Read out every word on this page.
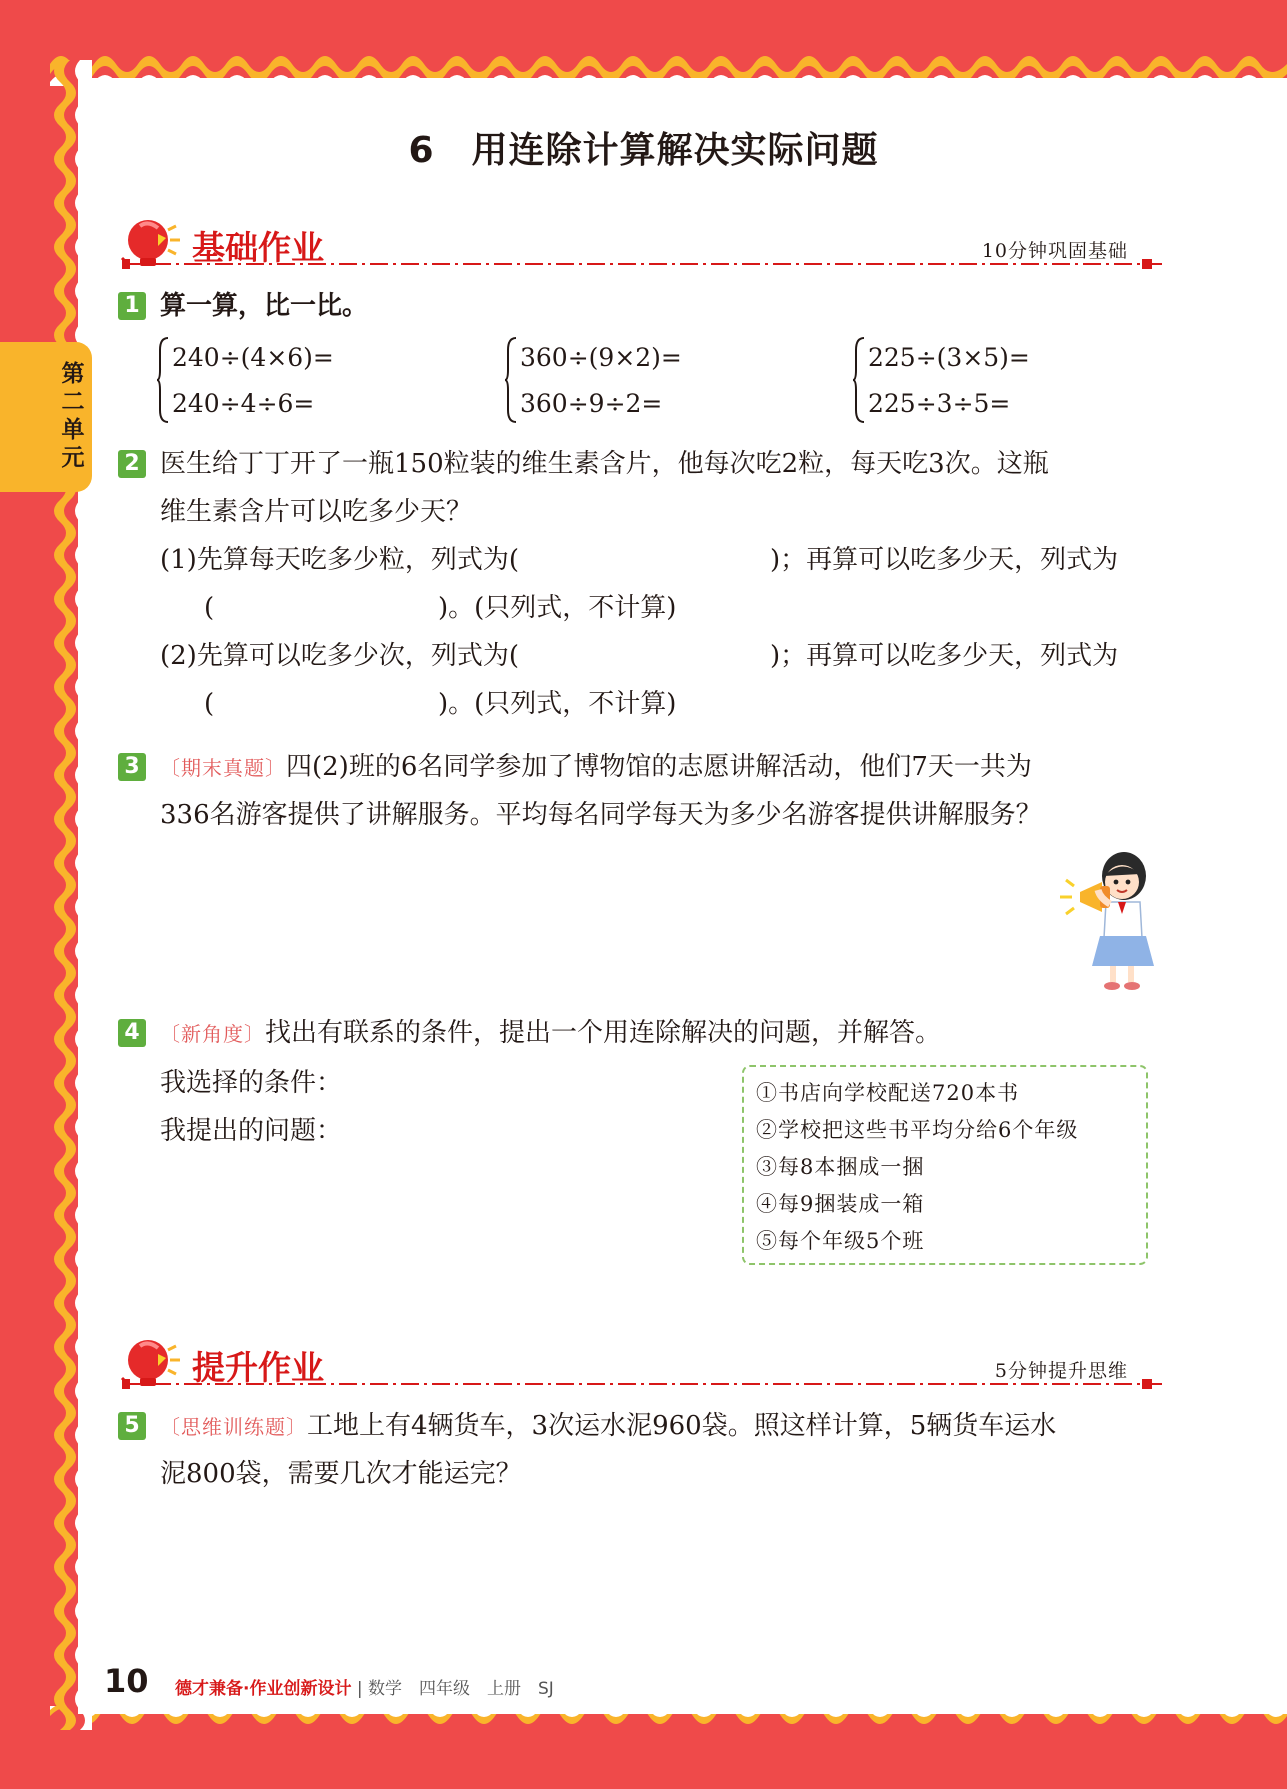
第二单元
6　用连除计算解决实际问题
基础作业	10分钟巩固基础
1 算一算，比一比。
240÷(4×6)=
240÷4÷6=
360÷(9×2)=
360÷9÷2=
225÷(3×5)=
225÷3÷5=
2 医生给丁丁开了一瓶150粒装的维生素含片，他每次吃2粒，每天吃3次。这瓶
维生素含片可以吃多少天？
(1)先算每天吃多少粒，列式为(	)；再算可以吃多少天，列式为
(	)。(只列式，不计算)
(2)先算可以吃多少次，列式为(	)；再算可以吃多少天，列式为
(	)。(只列式，不计算)
3	〔期末真题〕四(2)班的6名同学参加了博物馆的志愿讲解活动，他们7天一共为
336名游客提供了讲解服务。平均每名同学每天为多少名游客提供讲解服务？
4	〔新角度〕找出有联系的条件，提出一个用连除解决的问题，并解答。
我选择的条件：
我提出的问题：
①书店向学校配送720本书
②学校把这些书平均分给6个年级
③每8本捆成一捆
④每9捆装成一箱
⑤每个年级5个班
提升作业	5分钟提升思维
5	〔思维训练题〕工地上有4辆货车，3次运水泥960袋。照这样计算，5辆货车运水
泥800袋，需要几次才能运完？
10 德才兼备·作业创新设计 | 数学　四年级　上册　SJ
